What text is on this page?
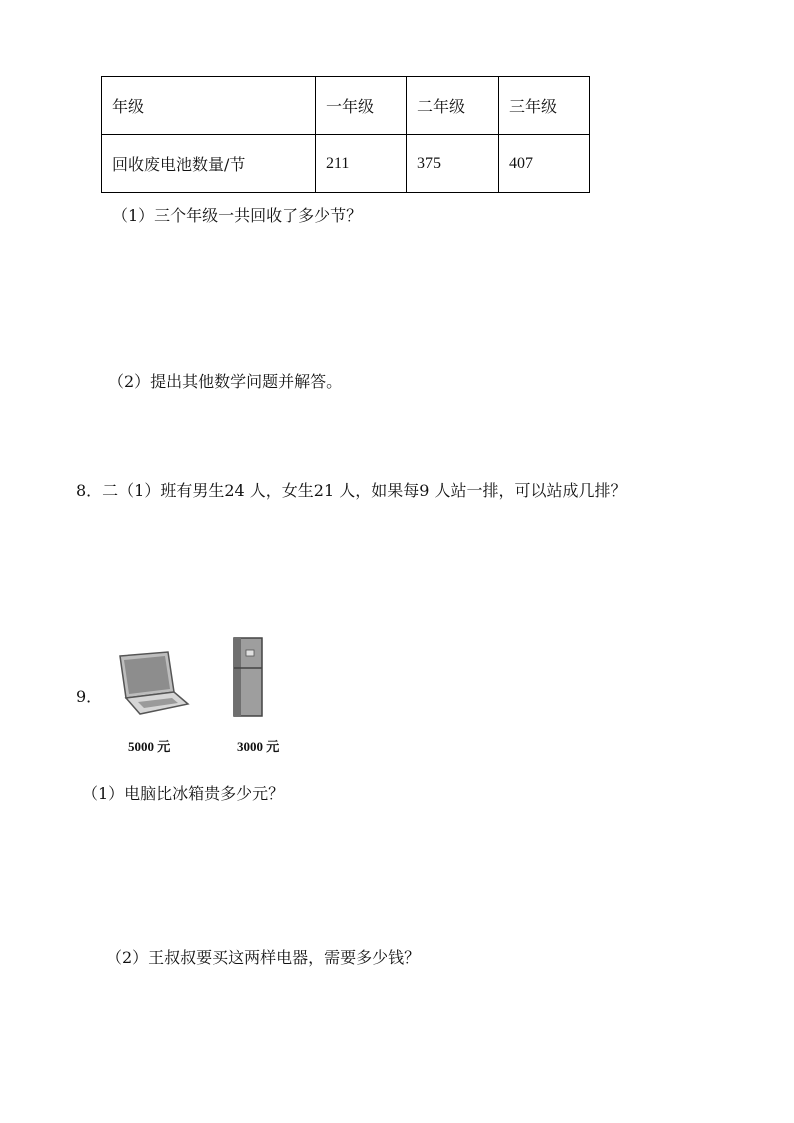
年级	一年级	二年级	三年级
回收废电池数量/节	211	375	407
（1）三个年级一共回收了多少节？
（2）提出其他数学问题并解答。
8．二（1）班有男生24 人，女生21 人，如果每9 人站一排，可以站成几排？
9．
5000 元	3000 元
（1）电脑比冰箱贵多少元？
（2）王叔叔要买这两样电器，需要多少钱？
